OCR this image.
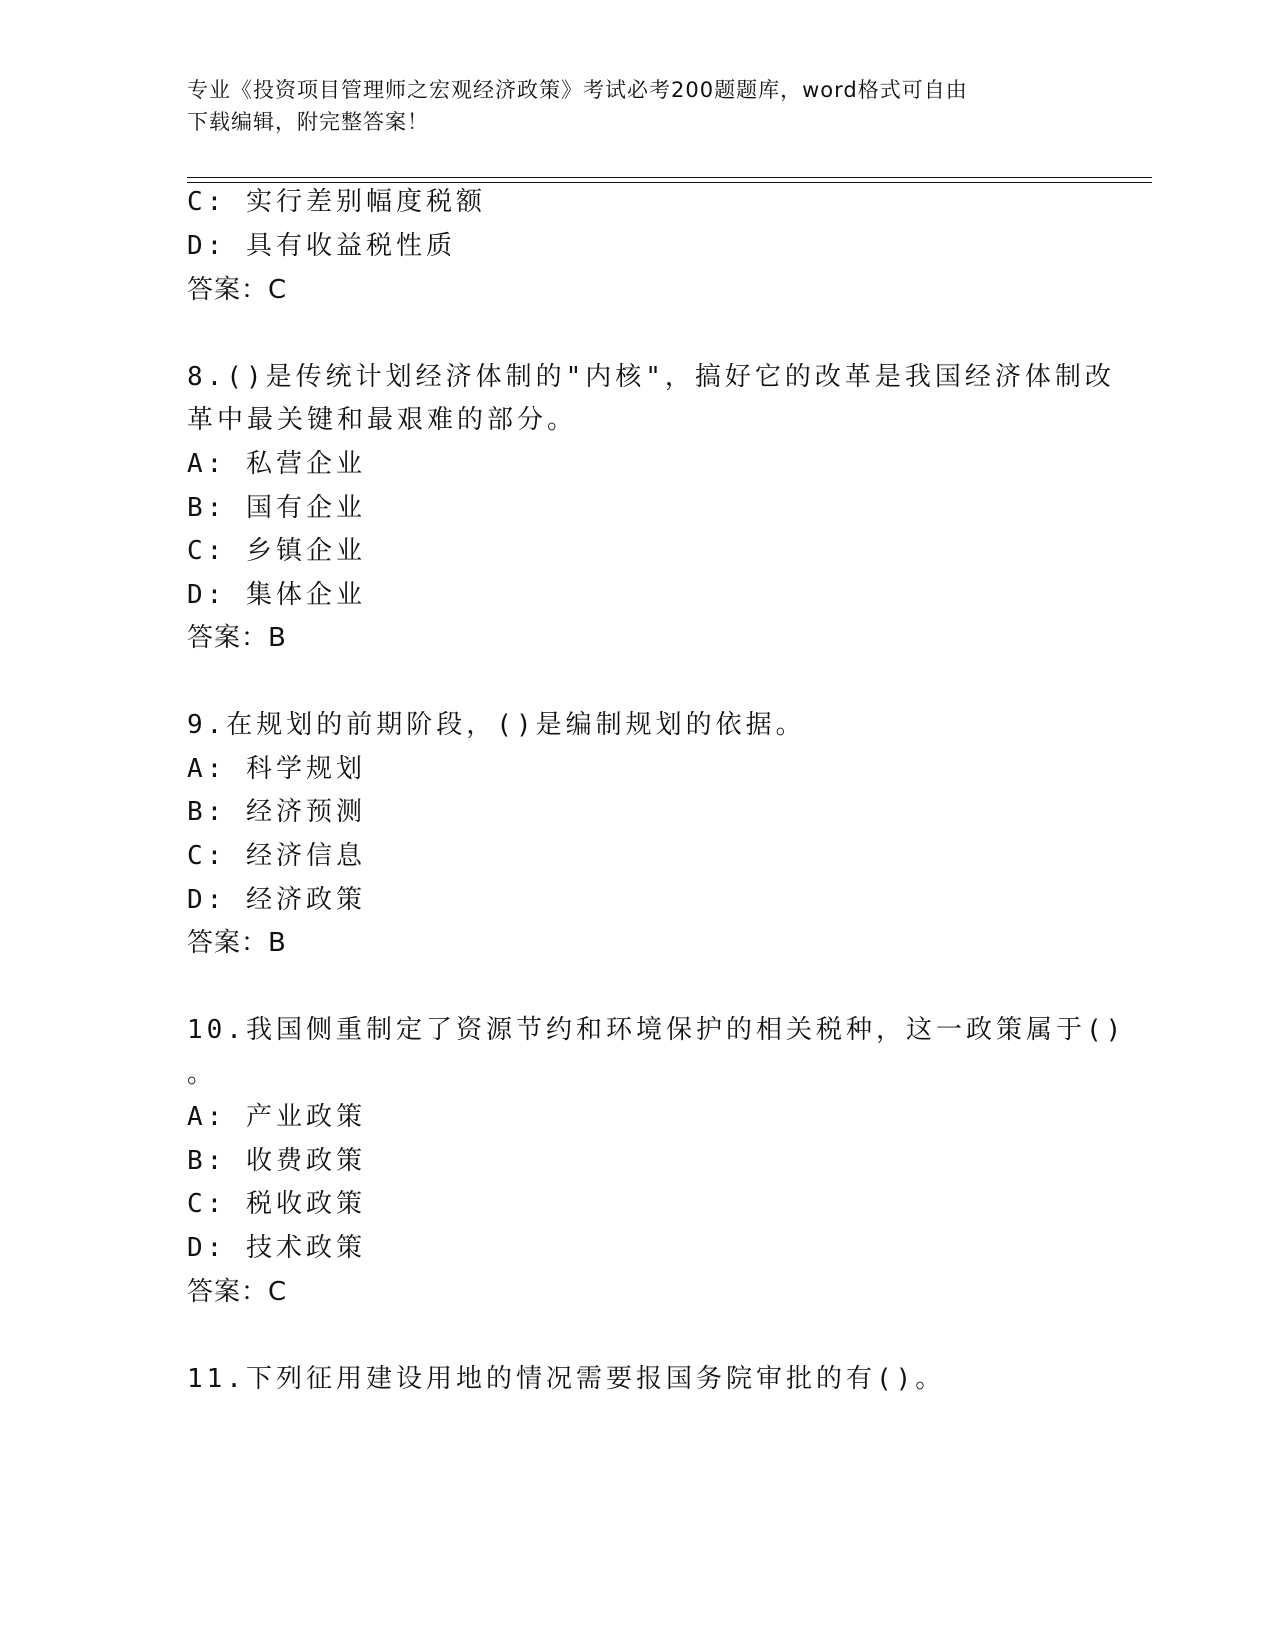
专业《投资项目管理师之宏观经济政策》考试必考200题题库，word格式可自由
下载编辑，附完整答案！
C: 实行差别幅度税额
D: 具有收益税性质
答案：C
8.()是传统计划经济体制的"内核"，搞好它的改革是我国经济体制改
革中最关键和最艰难的部分。
A: 私营企业
B: 国有企业
C: 乡镇企业
D: 集体企业
答案：B
9.在规划的前期阶段，()是编制规划的依据。
A: 科学规划
B: 经济预测
C: 经济信息
D: 经济政策
答案：B
10.我国侧重制定了资源节约和环境保护的相关税种，这一政策属于()
。
A: 产业政策
B: 收费政策
C: 税收政策
D: 技术政策
答案：C
11.下列征用建设用地的情况需要报国务院审批的有()。
